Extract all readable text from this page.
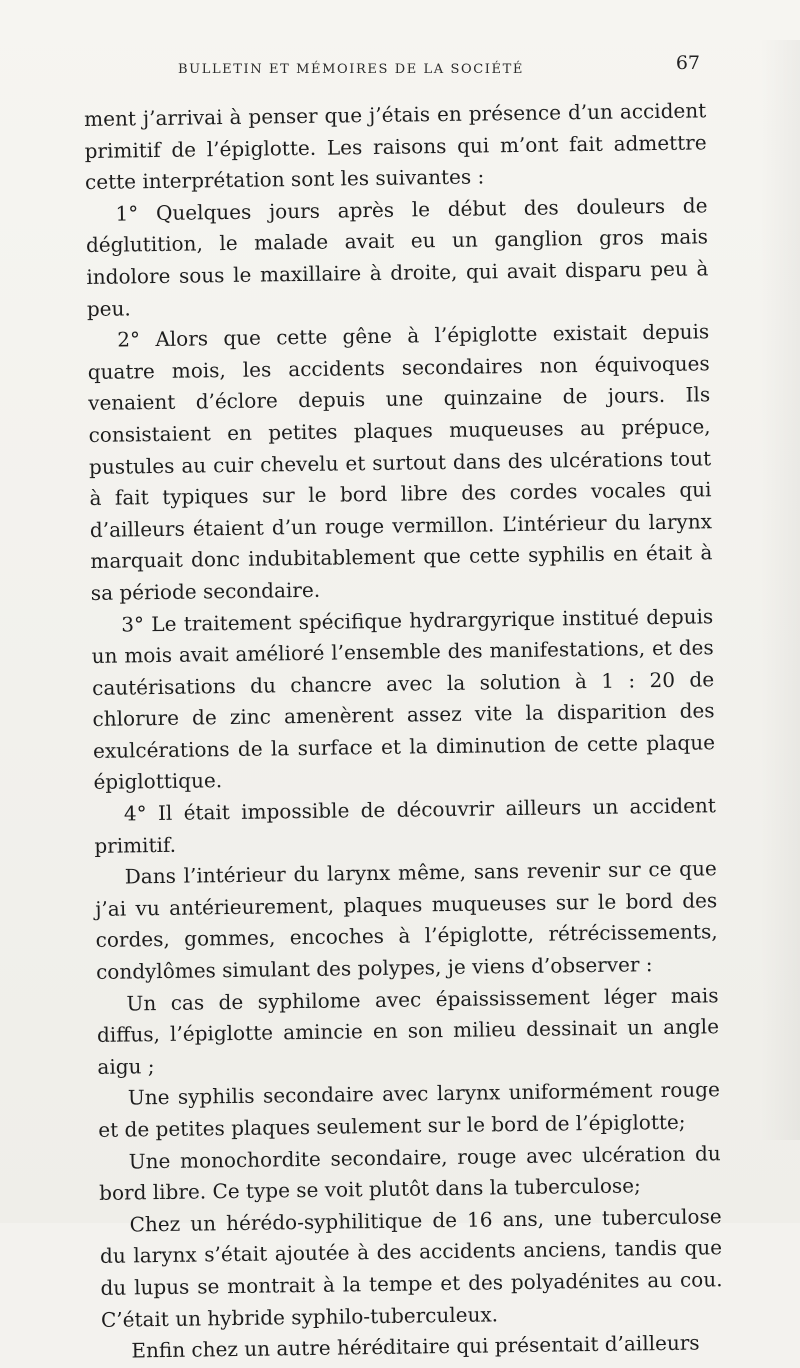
BULLETIN ET MÉMOIRES DE LA SOCIÉTÉ	67

ment j’arrivai à penser que j’étais en présence d’un accident primitif de l’épiglotte. Les raisons qui m’ont fait admettre cette interprétation sont les suivantes :

1° Quelques jours après le début des douleurs de déglutition, le malade avait eu un ganglion gros mais indolore sous le maxillaire à droite, qui avait disparu peu à peu.

2° Alors que cette gêne à l’épiglotte existait depuis quatre mois, les accidents secondaires non équivoques venaient d’éclore depuis une quinzaine de jours. Ils consistaient en petites plaques muqueuses au prépuce, pustules au cuir chevelu et surtout dans des ulcérations tout à fait typiques sur le bord libre des cordes vocales qui d’ailleurs étaient d’un rouge vermillon. L’intérieur du larynx marquait donc indubitablement que cette syphilis en était à sa période secondaire.

3° Le traitement spécifique hydrargyrique institué depuis un mois avait amélioré l’ensemble des manifestations, et des cautérisations du chancre avec la solution à 1 : 20 de chlorure de zinc amenèrent assez vite la disparition des exulcérations de la surface et la diminution de cette plaque épiglottique.

4° Il était impossible de découvrir ailleurs un accident primitif.

Dans l’intérieur du larynx même, sans revenir sur ce que j’ai vu antérieurement, plaques muqueuses sur le bord des cordes, gommes, encoches à l’épiglotte, rétrécissements, condylômes simulant des polypes, je viens d’observer :

Un cas de syphilome avec épaississement léger mais diffus, l’épiglotte amincie en son milieu dessinait un angle aigu ;

Une syphilis secondaire avec larynx uniformément rouge et de petites plaques seulement sur le bord de l’épiglotte;

Une monochordite secondaire, rouge avec ulcération du bord libre. Ce type se voit plutôt dans la tuberculose;

Chez un hérédo-syphilitique de 16 ans, une tuberculose du larynx s’était ajoutée à des accidents anciens, tandis que du lupus se montrait à la tempe et des polyadénites au cou. C’était un hybride syphilo-tuberculeux.

Enfin chez un autre héréditaire qui présentait d’ailleurs
